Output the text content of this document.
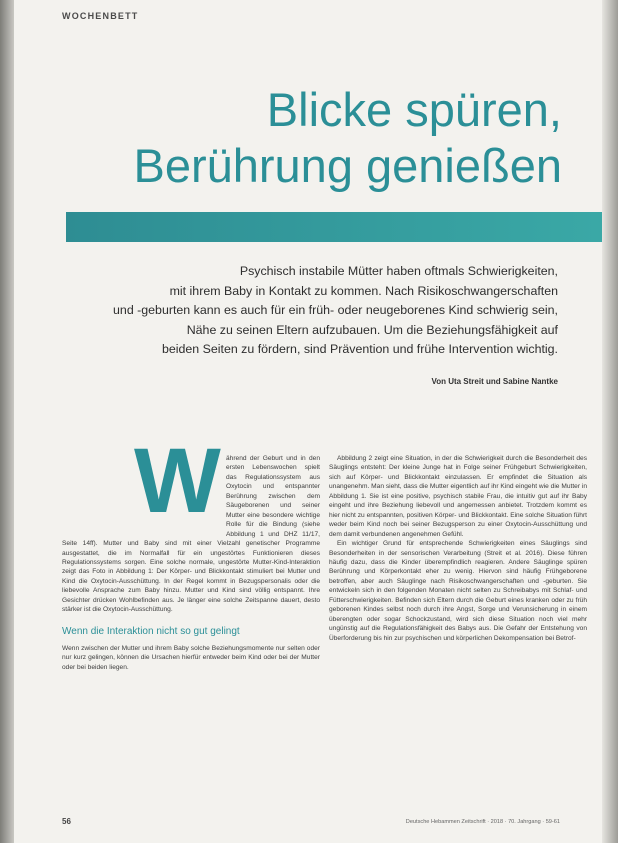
WOCHENBETT
Blicke spüren,
Berührung genießen
Psychisch instabile Mütter haben oftmals Schwierigkeiten,
mit ihrem Baby in Kontakt zu kommen. Nach Risikoschwangerschaften
und -geburten kann es auch für ein früh- oder neugeborenes Kind schwierig sein,
Nähe zu seinen Eltern aufzubauen. Um die Beziehungsfähigkeit auf
beiden Seiten zu fördern, sind Prävention und frühe Intervention wichtig.
Von Uta Streit und Sabine Nantke
W ährend der Geburt und in den ersten Lebenswochen spielt das Regulationssystem aus Oxytocin und entspannter Berührung zwischen dem Säugeborenen und seiner Mutter eine besondere wichtige Rolle für die Bindung (siehe Abbildung 1 und DHZ 11/17, Seite 14ff). Mutter und Baby sind mit einer Vielzahl genetischer Programme ausgestattet, die im Normalfall für ein ungestörtes Funktionieren dieses Regulationssystems sorgen. Eine solche normale, ungestörte Mutter-Kind-Interaktion zeigt das Foto in Abbildung 1: Der Körper- und Blickkontakt stimuliert bei Mutter und Kind die Oxytocin-Ausschüttung. In der Regel kommt in Bezugspersonalis oder die liebevolle Ansprache zum Baby hinzu. Mutter und Kind sind völlig entspannt. Ihre Gesichter drücken Wohlbefinden aus. Je länger eine solche Zeitspanne dauert, desto stärker ist die Oxytocin-Ausschüttung.

Wenn die Interaktion nicht so gut gelingt

Wenn zwischen der Mutter und ihrem Baby solche Beziehungsmomente nur selten oder nur kurz gelingen, können die Ursachen hierfür entweder beim Kind oder bei der Mutter oder bei beiden liegen.

Abbildung 2 zeigt eine Situation, in der die Schwierigkeit durch die Besonderheit des Säuglings entsteht: Der kleine Junge hat in Folge seiner Frühgeburt Schwierigkeiten, sich auf Körper- und Blickkontakt einzulassen. Er empfindet die Situation als unangenehm. Man sieht, dass die Mutter eigentlich auf ihr Kind eingeht wie die Mutter in Abbildung 1. Sie ist eine positive, psychisch stabile Frau, die intuitiv gut auf ihr Baby eingeht und ihre Beziehung liebevoll und angemessen anbietet. Trotzdem kommt es hier nicht zu entspannten, positiven Körper- und Blickkontakt. Eine solche Situation führt weder beim Kind noch bei seiner Bezugsperson zu einer Oxytocin-Ausschüttung und dem damit verbundenen angenehmen Gefühl.

Ein wichtiger Grund für entsprechende Schwierigkeiten eines Säuglings sind Besonderheiten in der sensorischen Verarbeitung (Streit et al. 2016). Diese führen häufig dazu, dass die Kinder überempfindlich reagieren. Andere Säuglinge spüren Berührung und Körperkontakt eher zu wenig. Hiervon sind häufig Frühgeborene betroffen, aber auch Säuglinge nach Risikoschwangerschaften und -geburten. Sie entwickeln sich in den folgenden Monaten nicht selten zu Schreibabys mit Schlaf- und Fütterschwierigkeiten. Befinden sich Eltern durch die Geburt eines kranken oder zu früh geborenen Kindes selbst noch durch ihre Angst, Sorge und Verunsicherung in einem überengten oder sogar Schockzustand, wird sich diese Situation noch viel mehr ungünstig auf die Regulationsfähigkeit des Babys aus. Die Gefahr der Entstehung von Überforderung bis hin zur psychischen und körperlichen Dekompensation bei Betrof-

56	Deutsche Hebammen Zeitschrift · 2018 · 70. Jahrgang · 59-61
